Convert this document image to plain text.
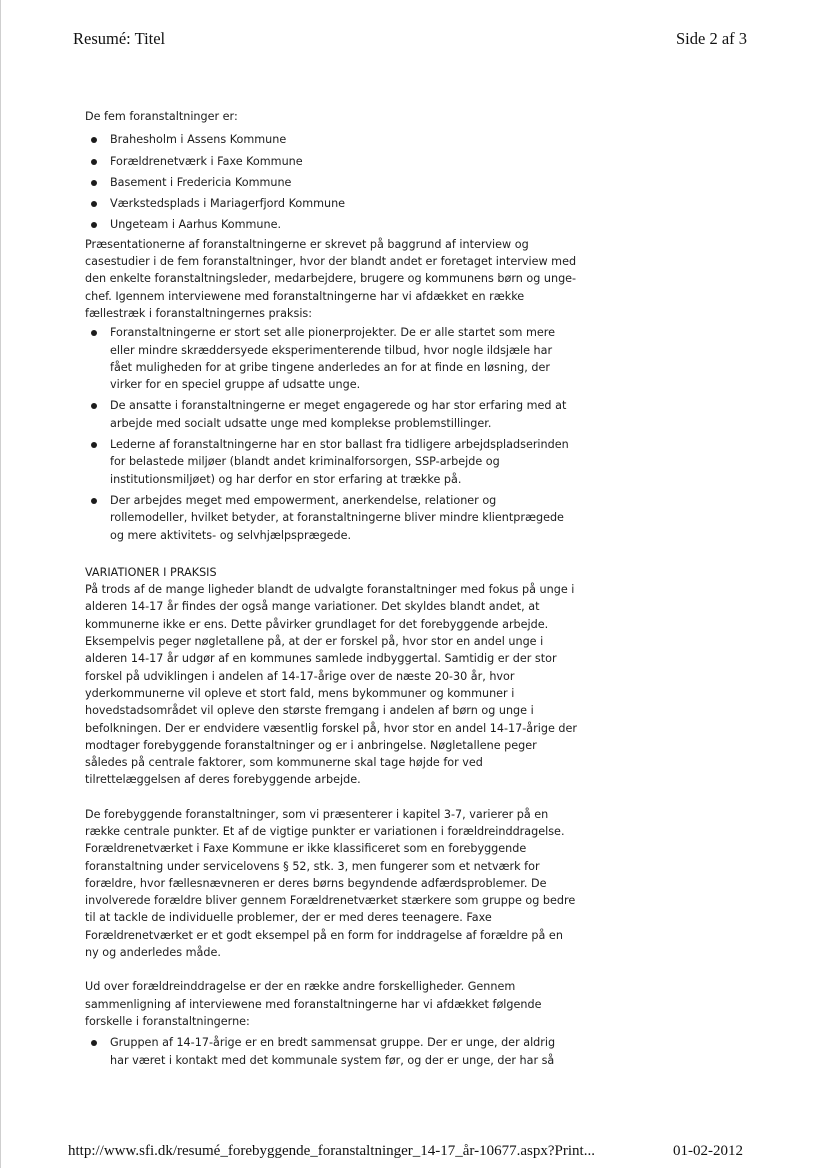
Resumé: Titel	Side 2 af 3

De fem foranstaltninger er:

Brahesholm i Assens Kommune
Forældrenetværk i Faxe Kommune
Basement i Fredericia Kommune
Værkstedsplads i Mariagerfjord Kommune
Ungeteam i Aarhus Kommune.

Præsentationerne af foranstaltningerne er skrevet på baggrund af interview og casestudier i de fem foranstaltninger, hvor der blandt andet er foretaget interview med den enkelte foranstaltningsleder, medarbejdere, brugere og kommunens børn og unge-chef. Igennem interviewene med foranstaltningerne har vi afdækket en række fællestræk i foranstaltningernes praksis:

Foranstaltningerne er stort set alle pionerprojekter. De er alle startet som mere eller mindre skræddersyede eksperimenterende tilbud, hvor nogle ildsjæle har fået muligheden for at gribe tingene anderledes an for at finde en løsning, der virker for en speciel gruppe af udsatte unge.
De ansatte i foranstaltningerne er meget engagerede og har stor erfaring med at arbejde med socialt udsatte unge med komplekse problemstillinger.
Lederne af foranstaltningerne har en stor ballast fra tidligere arbejdspladserinden for belastede miljøer (blandt andet kriminalforsorgen, SSP-arbejde og institutionsmiljøet) og har derfor en stor erfaring at trække på.
Der arbejdes meget med empowerment, anerkendelse, relationer og rollemodeller, hvilket betyder, at foranstaltningerne bliver mindre klientprægede og mere aktivitets- og selvhjælpsprægede.

VARIATIONER I PRAKSIS

På trods af de mange ligheder blandt de udvalgte foranstaltninger med fokus på unge i alderen 14-17 år findes der også mange variationer. Det skyldes blandt andet, at kommunerne ikke er ens. Dette påvirker grundlaget for det forebyggende arbejde. Eksempelvis peger nøgletallene på, at der er forskel på, hvor stor en andel unge i alderen 14-17 år udgør af en kommunes samlede indbyggertal. Samtidig er der stor forskel på udviklingen i andelen af 14-17-årige over de næste 20-30 år, hvor yderkommunerne vil opleve et stort fald, mens bykommuner og kommuner i hovedstadsområdet vil opleve den største fremgang i andelen af børn og unge i befolkningen. Der er endvidere væsentlig forskel på, hvor stor en andel 14-17-årige der modtager forebyggende foranstaltninger og er i anbringelse. Nøgletallene peger således på centrale faktorer, som kommunerne skal tage højde for ved tilrettelæggelsen af deres forebyggende arbejde.

De forebyggende foranstaltninger, som vi præsenterer i kapitel 3-7, varierer på en række centrale punkter. Et af de vigtige punkter er variationen i forældreinddragelse. Forældrenetværket i Faxe Kommune er ikke klassificeret som en forebyggende foranstaltning under servicelovens § 52, stk. 3, men fungerer som et netværk for forældre, hvor fællesnævneren er deres børns begyndende adfærdsproblemer. De involverede forældre bliver gennem Forældrenetværket stærkere som gruppe og bedre til at tackle de individuelle problemer, der er med deres teenagere. Faxe Forældrenetværket er et godt eksempel på en form for inddragelse af forældre på en ny og anderledes måde.

Ud over forældreinddragelse er der en række andre forskelligheder. Gennem sammenligning af interviewene med foranstaltningerne har vi afdækket følgende forskelle i foranstaltningerne:

Gruppen af 14-17-årige er en bredt sammensat gruppe. Der er unge, der aldrig har været i kontakt med det kommunale system før, og der er unge, der har så
http://www.sfi.dk/resumé_forebyggende_foranstaltninger_14-17_år-10677.aspx?Print...	01-02-2012
